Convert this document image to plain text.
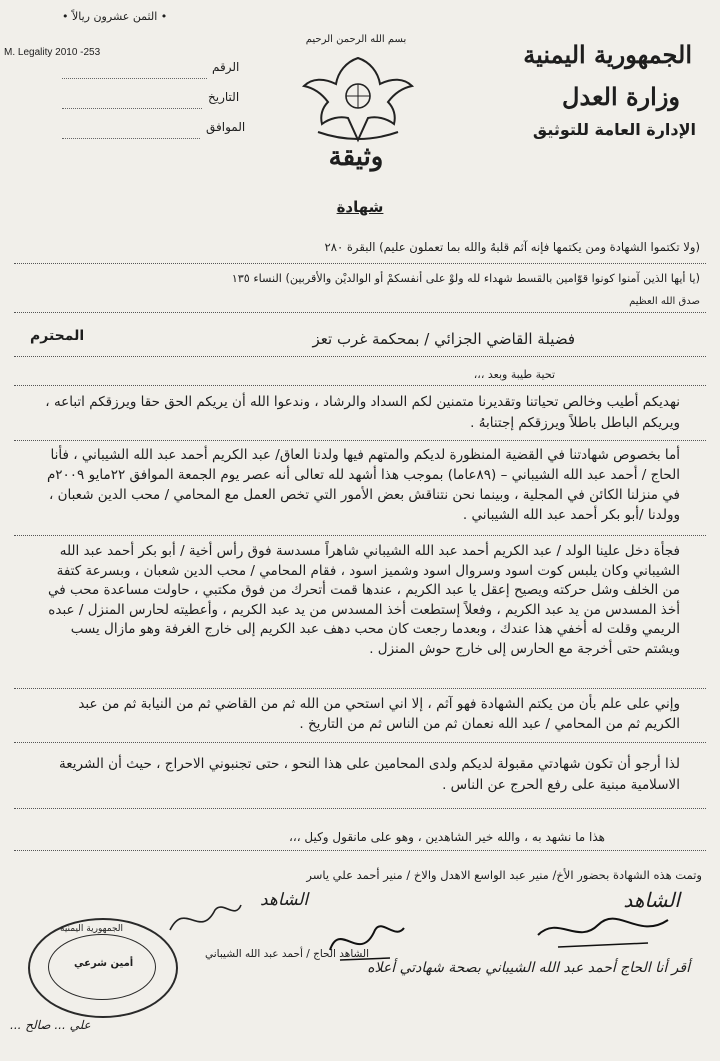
• الثمن عشرون ريالاً •
M. Legality 2010 -253
الرقم
التاريخ
الموافق
بسم الله الرحمن الرحيم
وثيقة
الجمهورية اليمنية
وزارة العدل
الإدارة العامة للتوثيق
شهادة
(ولا تكتموا الشهادة ومن يكتمها فإنه آثم قلبهُ والله بما تعملون عليم) البقرة ٢٨٠
(يا أيها الذين آمنوا كونوا قوّامين بالقسط شهداء لله ولوْ على أنفسكمْ أو الوالديْن والأقربين) النساء ١٣٥
صدق الله العظيم
فضيلة القاضي الجزائي / بمحكمة غرب تعز
المحترم
تحية طيبة وبعد ،،،

نهديكم أطيب وخالص تحياتنا وتقديرنا متمنين لكم السداد والرشاد ، وندعوا الله أن يريكم الحق حقا ويرزقكم اتباعه ، ويريكم الباطل باطلاً ويرزقكم إجتنابهُ .

أما بخصوص شهادتنا في القضية المنظورة لديكم والمتهم فيها ولدنا العاق/ عبد الكريم أحمد عبد الله الشيباني ، فأنا الحاج / أحمد عبد الله الشيباني – (٨٩عاما) بموجب هذا أشهد لله تعالى أنه عصر يوم الجمعة الموافق ٢٢مايو ٢٠٠٩م في منزلنا الكائن في المجلية ، وبينما نحن نتناقش بعض الأمور التي تخص العمل مع المحامي / محب الدين شعبان ، وولدنا /أبو بكر أحمد عبد الله الشيباني .

فجأة دخل علينا الولد / عبد الكريم أحمد عبد الله الشيباني شاهراً مسدسة فوق رأس أخية / أبو بكر أحمد عبد الله الشيباني وكان يلبس كوت اسود وسروال اسود وشميز اسود ، فقام المحامي / محب الدين شعبان ، وبسرعة كتفة من الخلف وشل حركته ويصيح إعقل يا عبد الكريم ، عندها قمت أتحرك من فوق مكتبي ، حاولت مساعدة محب في أخذ المسدس من يد عبد الكريم ، وفعلاً إستطعت أخذ المسدس من يد عبد الكريم ، وأعطيته لحارس المنزل / عبده الريمي وقلت له أخفي هذا عندك ، وبعدما رجعت كان محب دهف عبد الكريم إلى خارج الغرفة وهو مازال يسب ويشتم حتى أخرجة مع الحارس إلى خارج حوش المنزل .

وإني على علم بأن من يكتم الشهادة فهو آثم ، إلا اني استحي من الله ثم من القاضي ثم من النيابة ثم من عبد الكريم ثم من المحامي / عبد الله نعمان ثم من الناس ثم من التاريخ .

لذا أرجو أن تكون شهادتي مقبولة لديكم ولدى المحامين على هذا النحو ، حتى تجنبوني الاحراج ، حيث أن الشريعة الاسلامية مبنية على رفع الحرج عن الناس .

هذا ما نشهد به ، والله خير الشاهدين ، وهو على مانقول وكيل ،،،
وتمت هذه الشهادة بحضور الأخ/ منير عبد الواسع الاهدل والاخ / منير أحمد علي ياسر
الشاهد
الشاهد
الشاهد الحاج / أحمد عبد الله الشيباني
أقر أنا الحاج أحمد عبد الله الشيباني بصحة شهادتي أعلاه
علي ... صالح ...
الجمهورية اليمنية
أمين شرعي
